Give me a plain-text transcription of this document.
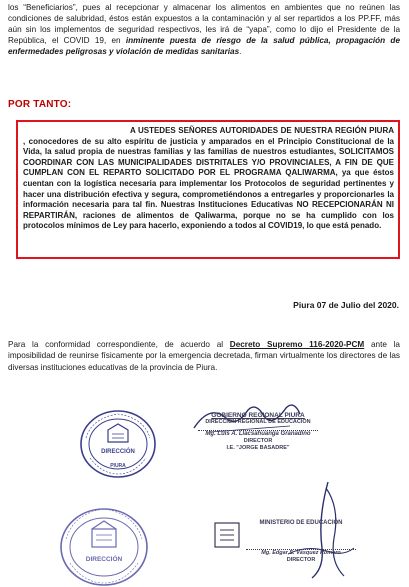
los “Beneficiarios”, pues al recepcionar y almacenar los alimentos en ambientes que no reúnen las condiciones de salubridad, éstos están expuestos a la contaminación y al ser repartidos a los PP.FF, más aún sin los implementos de seguridad respectivos, les irá de “yapa”, como lo dijo el Presidente de la República, el COVID 19, en inminente puesta de riesgo de la salud pública, propagación de enfermedades peligrosas y violación de medidas sanitarias.
POR TANTO:
A USTEDES SEÑORES AUTORIDADES DE NUESTRA REGIÓN PIURA , conocedores de su alto espíritu de justicia y amparados en el Principio Constitucional de la Vida, la salud propia de nuestras familias y las familias de nuestros estudiantes, SOLICITAMOS COORDINAR CON LAS MUNICIPALIDADES DISTRITALES Y/O PROVINCIALES, A FIN DE QUE CUMPLAN CON EL REPARTO SOLICITADO POR EL PROGRAMA QALIWARMA, ya que éstos cuentan con la logística necesaria para implementar los Protocolos de seguridad pertinentes y hacer una distribución efectiva y segura, comprometiéndonos a entregarles y proporcionarles la información necesaria para tal fin. Nuestras Instituciones Educativas NO RECEPCIONARÁN NI REPARTIRÁN, raciones de alimentos de Qaliwarma, porque no se ha cumplido con los protocolos mínimos de Ley para hacerlo, exponiendo a todos al COVID19, lo que está penado.
Piura 07 de Julio del 2020.
Para la conformidad correspondiente, de acuerdo al Decreto Supremo 116-2020-PCM ante la imposibilidad de reunirse físicamente por la emergencia decretada, firman virtualmente los directores de las diversas instituciones educativas de la provincia de Piura.
DIRECCIÓN
PIURA
GOBIERNO REGIONAL PIURA
DIRECCIÓN REGIONAL DE EDUCACIÓN
Mg. Luis A. Llacsahuanga Granadino
DIRECTOR
I.E. "JORGE BASADRE"
DIRECCIÓN
MINISTERIO DE EDUCACIÓN
Mg. Edgar S. Vásquez Romero
DIRECTOR
